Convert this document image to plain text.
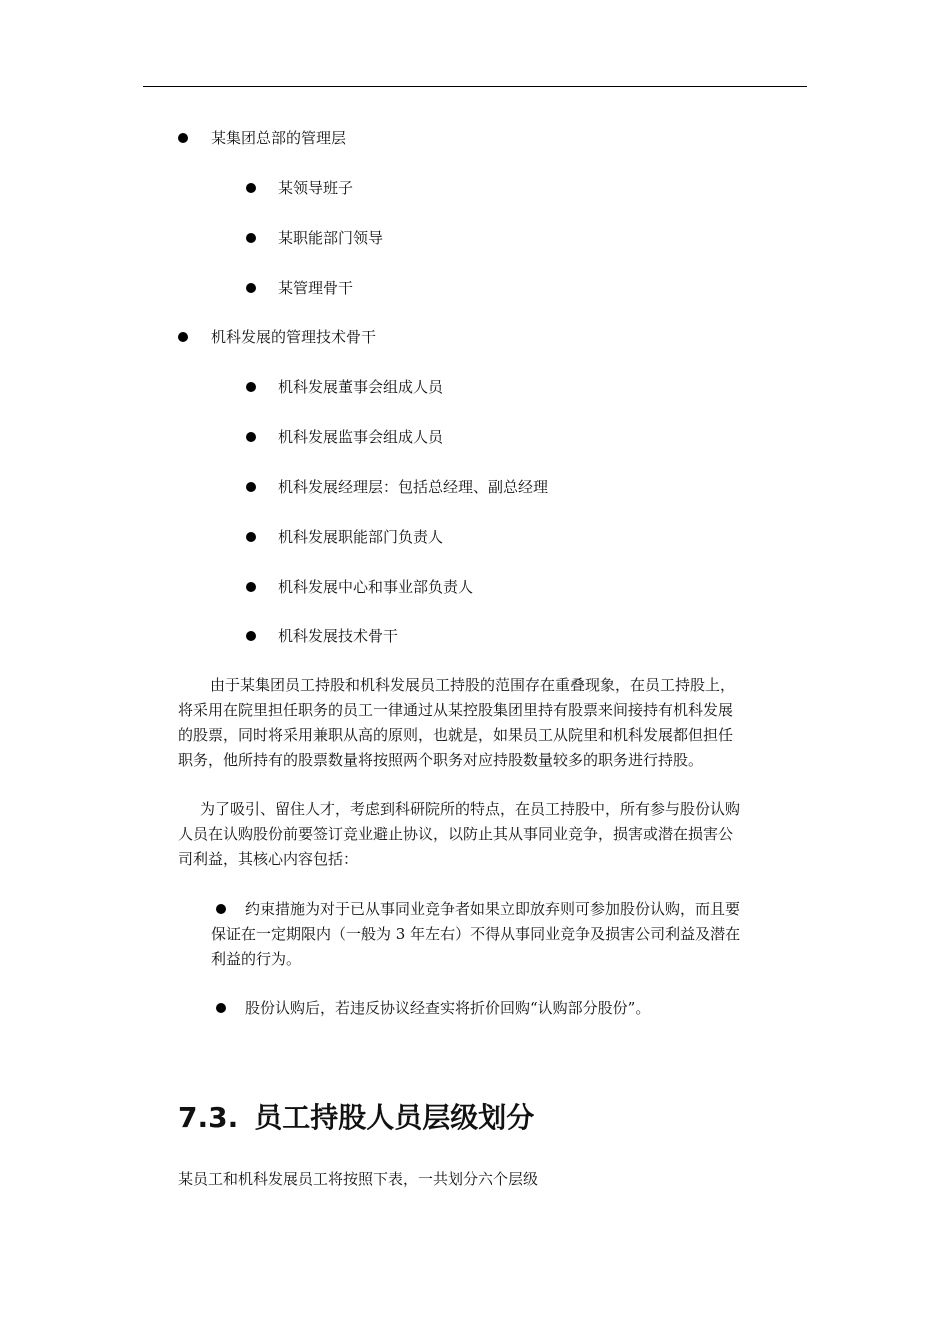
某集团总部的管理层
某领导班子
某职能部门领导
某管理骨干
机科发展的管理技术骨干
机科发展董事会组成人员
机科发展监事会组成人员
机科发展经理层：包括总经理、副总经理
机科发展职能部门负责人
机科发展中心和事业部负责人
机科发展技术骨干
由于某集团员工持股和机科发展员工持股的范围存在重叠现象，在员工持股上，
将采用在院里担任职务的员工一律通过从某控股集团里持有股票来间接持有机科发展
的股票，同时将采用兼职从高的原则，也就是，如果员工从院里和机科发展都但担任
职务，他所持有的股票数量将按照两个职务对应持股数量较多的职务进行持股。
为了吸引、留住人才，考虑到科研院所的特点，在员工持股中，所有参与股份认购
人员在认购股份前要签订竞业避止协议，以防止其从事同业竞争，损害或潜在损害公
司利益，其核心内容包括：
约束措施为对于已从事同业竞争者如果立即放弃则可参加股份认购，而且要
保证在一定期限内（一般为 3 年左右）不得从事同业竞争及损害公司利益及潜在
利益的行为。
股份认购后，若违反协议经查实将折价回购“认购部分股份”。
7.3. 员工持股人员层级划分
某员工和机科发展员工将按照下表，一共划分六个层级
